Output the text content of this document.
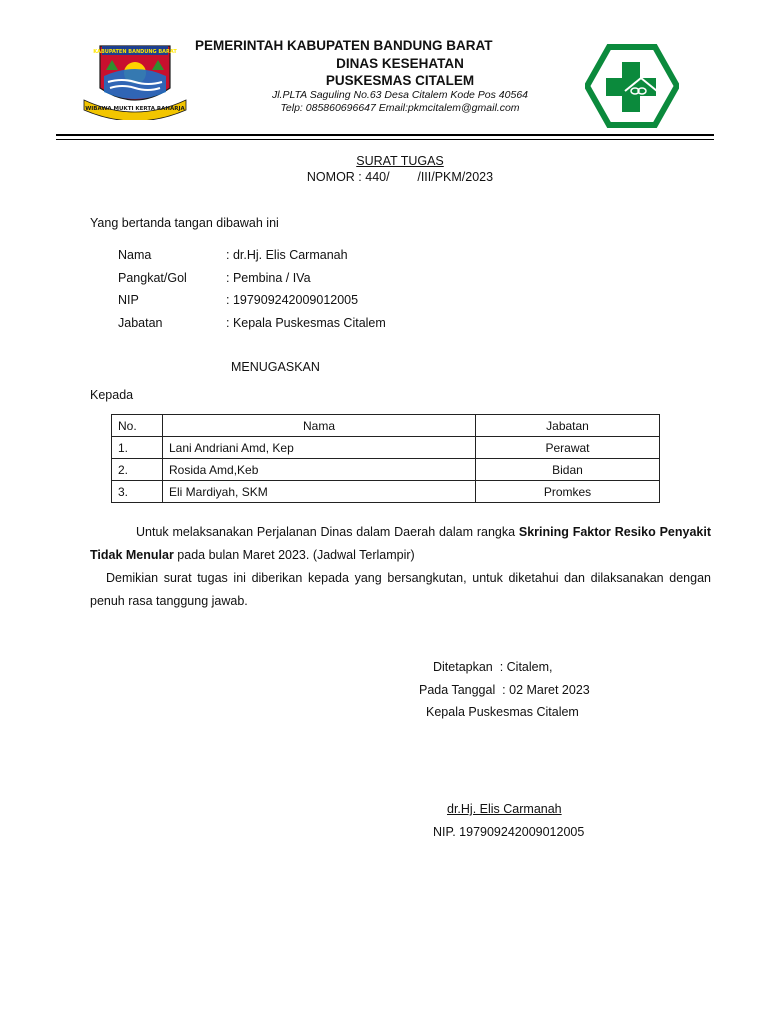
KABUPATEN BANDUNG BARAT
WIBAWA MUKTI KERTA RAHARJA
PEMERINTAH KABUPATEN BANDUNG BARAT
DINAS KESEHATAN
PUSKESMAS CITALEM
Jl.PLTA Saguling No.63 Desa Citalem Kode Pos 40564
Telp: 085860696647 Email:pkmcitalem@gmail.com
SURAT TUGAS
NOMOR : 440/        /III/PKM/2023
Yang bertanda tangan dibawah ini
Nama	: dr.Hj. Elis Carmanah
Pangkat/Gol	: Pembina / IVa
NIP	: 197909242009012005
Jabatan	: Kepala Puskesmas Citalem
MENUGASKAN
Kepada
No.	Nama	Jabatan
1.	Lani Andriani Amd, Kep	Perawat
2.	Rosida Amd,Keb	Bidan
3.	Eli Mardiyah, SKM	Promkes
Untuk melaksanakan Perjalanan Dinas dalam Daerah dalam rangka Skrining Faktor Resiko Penyakit Tidak Menular pada bulan Maret 2023. (Jadwal Terlampir)
Demikian surat tugas ini diberikan kepada yang bersangkutan, untuk diketahui dan dilaksanakan dengan penuh rasa tanggung jawab.
Ditetapkan  : Citalem,
Pada Tanggal  : 02 Maret 2023
Kepala Puskesmas Citalem
dr.Hj. Elis Carmanah
NIP. 197909242009012005
